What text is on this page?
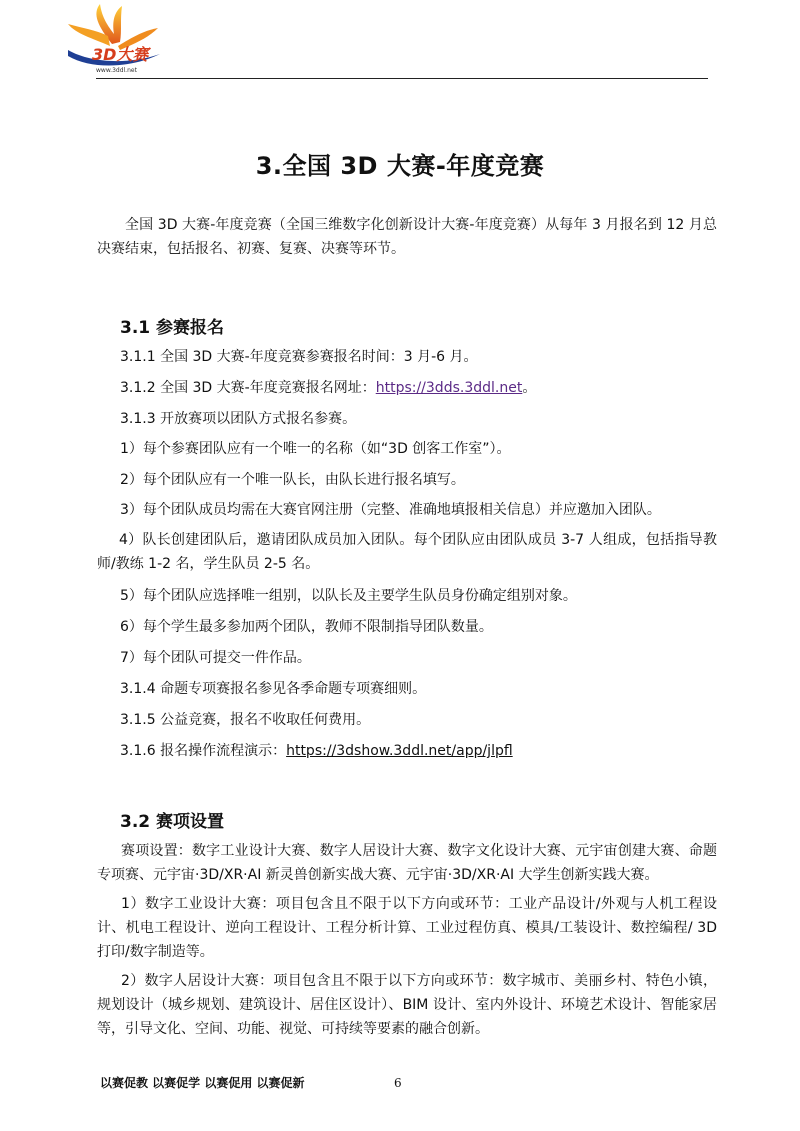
3D大赛
www.3ddl.net
3.全国 3D 大赛-年度竞赛

全国 3D 大赛-年度竞赛（全国三维数字化创新设计大赛-年度竞赛）从每年 3 月报名到 12 月总决赛结束，包括报名、初赛、复赛、决赛等环节。

3.1 参赛报名

3.1.1 全国 3D 大赛-年度竞赛参赛报名时间：3 月-6 月。

3.1.2 全国 3D 大赛-年度竞赛报名网址：https://3dds.3ddl.net。

3.1.3 开放赛项以团队方式报名参赛。

1）每个参赛团队应有一个唯一的名称（如“3D 创客工作室”）。

2）每个团队应有一个唯一队长，由队长进行报名填写。

3）每个团队成员均需在大赛官网注册（完整、准确地填报相关信息）并应邀加入团队。

4）队长创建团队后，邀请团队成员加入团队。每个团队应由团队成员 3-7 人组成，包括指导教师/教练 1-2 名，学生队员 2-5 名。

5）每个团队应选择唯一组别，以队长及主要学生队员身份确定组别对象。

6）每个学生最多参加两个团队，教师不限制指导团队数量。

7）每个团队可提交一件作品。

3.1.4 命题专项赛报名参见各季命题专项赛细则。

3.1.5 公益竞赛，报名不收取任何费用。

3.1.6 报名操作流程演示：https://3dshow.3ddl.net/app/jlpfl

3.2 赛项设置

赛项设置：数字工业设计大赛、数字人居设计大赛、数字文化设计大赛、元宇宙创建大赛、命题专项赛、元宇宙·3D/XR·AI 新灵兽创新实战大赛、元宇宙·3D/XR·AI 大学生创新实践大赛。

1）数字工业设计大赛：项目包含且不限于以下方向或环节：工业产品设计/外观与人机工程设计、机电工程设计、逆向工程设计、工程分析计算、工业过程仿真、模具/工装设计、数控编程/ 3D 打印/数字制造等。

2）数字人居设计大赛：项目包含且不限于以下方向或环节：数字城市、美丽乡村、特色小镇，规划设计（城乡规划、建筑设计、居住区设计）、BIM 设计、室内外设计、环境艺术设计、智能家居等，引导文化、空间、功能、视觉、可持续等要素的融合创新。

以赛促教 以赛促学 以赛促用 以赛促新	6
